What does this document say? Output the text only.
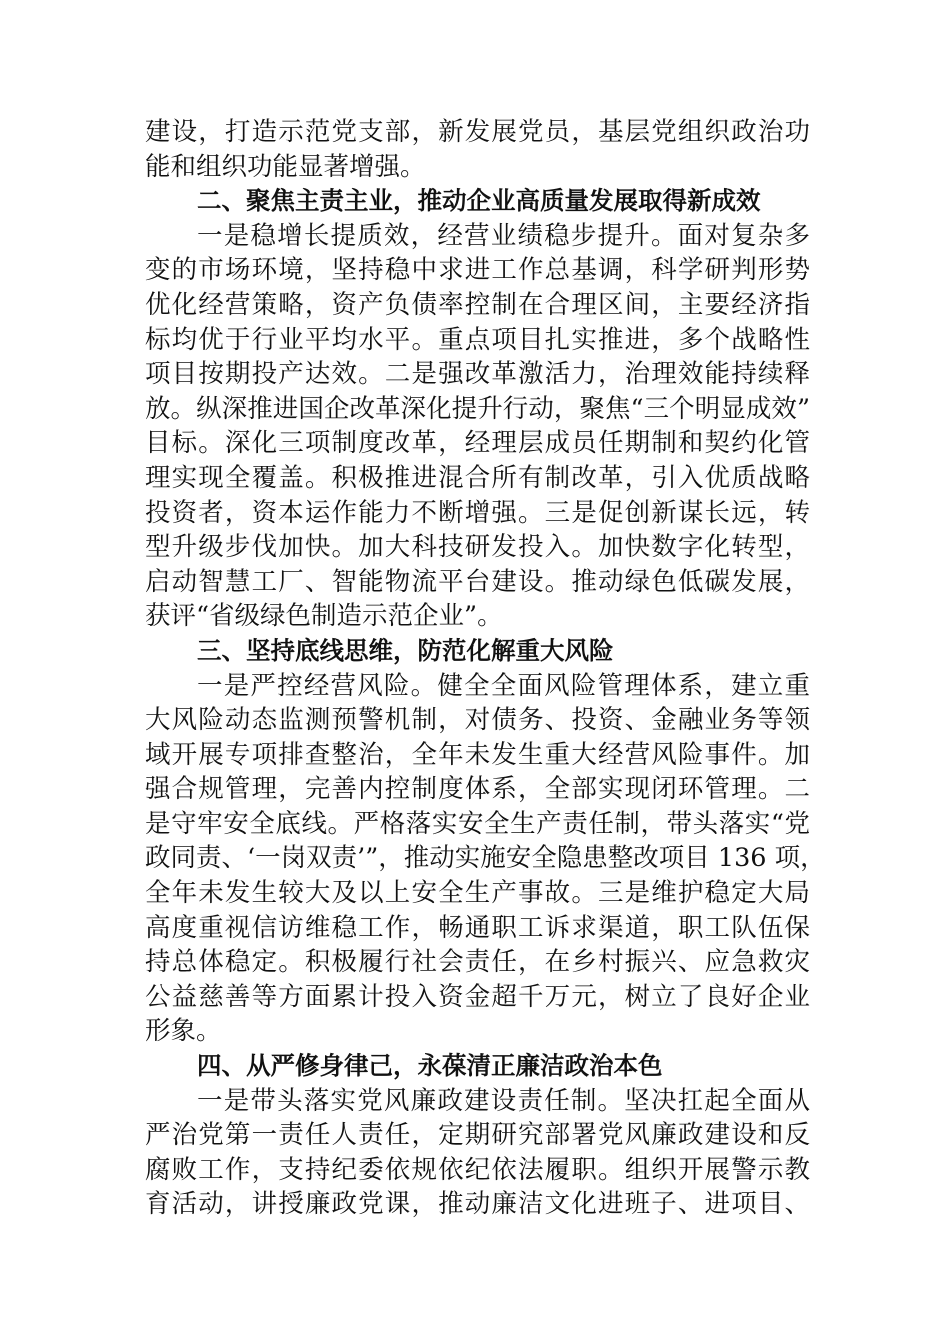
建设，打造示范党支部，新发展党员，基层党组织政治功
能和组织功能显著增强。
二、聚焦主责主业，推动企业高质量发展取得新成效
一是稳增长提质效，经营业绩稳步提升。面对复杂多
变的市场环境，坚持稳中求进工作总基调，科学研判形势
优化经营策略，资产负债率控制在合理区间，主要经济指
标均优于行业平均水平。重点项目扎实推进，多个战略性
项目按期投产达效。二是强改革激活力，治理效能持续释
放。纵深推进国企改革深化提升行动，聚焦“三个明显成效”
目标。深化三项制度改革，经理层成员任期制和契约化管
理实现全覆盖。积极推进混合所有制改革，引入优质战略
投资者，资本运作能力不断增强。三是促创新谋长远，转
型升级步伐加快。加大科技研发投入。加快数字化转型，
启动智慧工厂、智能物流平台建设。推动绿色低碳发展，
获评“省级绿色制造示范企业”。
三、坚持底线思维，防范化解重大风险
一是严控经营风险。健全全面风险管理体系，建立重
大风险动态监测预警机制，对债务、投资、金融业务等领
域开展专项排查整治，全年未发生重大经营风险事件。加
强合规管理，完善内控制度体系，全部实现闭环管理。二
是守牢安全底线。严格落实安全生产责任制，带头落实“党
政同责、‘一岗双责’”，推动实施安全隐患整改项目 136 项，
全年未发生较大及以上安全生产事故。三是维护稳定大局
高度重视信访维稳工作，畅通职工诉求渠道，职工队伍保
持总体稳定。积极履行社会责任，在乡村振兴、应急救灾
公益慈善等方面累计投入资金超千万元，树立了良好企业
形象。
四、从严修身律己，永葆清正廉洁政治本色
一是带头落实党风廉政建设责任制。坚决扛起全面从
严治党第一责任人责任，定期研究部署党风廉政建设和反
腐败工作，支持纪委依规依纪依法履职。组织开展警示教
育活动，讲授廉政党课，推动廉洁文化进班子、进项目、
